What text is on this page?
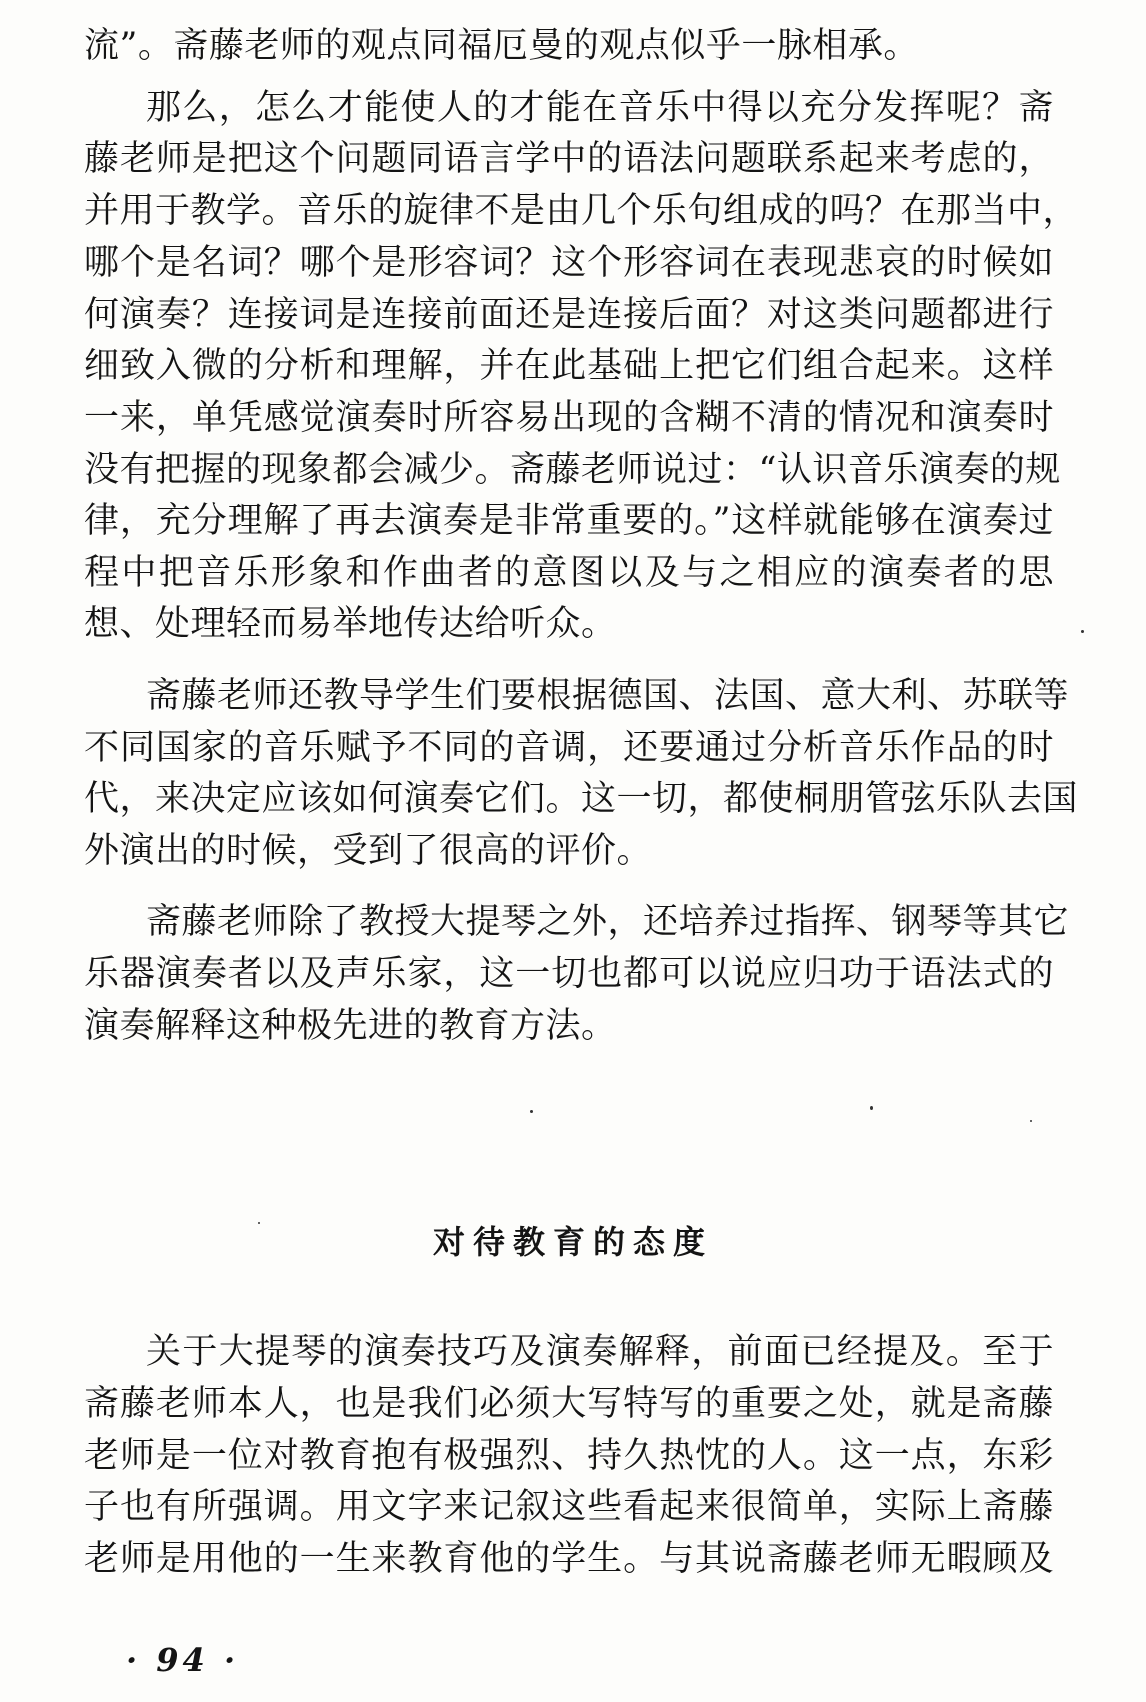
流”。斋藤老师的观点同福厄曼的观点似乎一脉相承。
那么，怎么才能使人的才能在音乐中得以充分发挥呢？斋
藤老师是把这个问题同语言学中的语法问题联系起来考虑的，
并用于教学。音乐的旋律不是由几个乐句组成的吗？在那当中，
哪个是名词？哪个是形容词？这个形容词在表现悲哀的时候如
何演奏？连接词是连接前面还是连接后面？对这类问题都进行
细致入微的分析和理解，并在此基础上把它们组合起来。这样
一来，单凭感觉演奏时所容易出现的含糊不清的情况和演奏时
没有把握的现象都会减少。斋藤老师说过：“认识音乐演奏的规
律，充分理解了再去演奏是非常重要的。”这样就能够在演奏过
程中把音乐形象和作曲者的意图以及与之相应的演奏者的思
想、处理轻而易举地传达给听众。
斋藤老师还教导学生们要根据德国、法国、意大利、苏联等
不同国家的音乐赋予不同的音调，还要通过分析音乐作品的时
代，来决定应该如何演奏它们。这一切，都使桐朋管弦乐队去国
外演出的时候，受到了很高的评价。
斋藤老师除了教授大提琴之外，还培养过指挥、钢琴等其它
乐器演奏者以及声乐家，这一切也都可以说应归功于语法式的
演奏解释这种极先进的教育方法。
对待教育的态度
关于大提琴的演奏技巧及演奏解释，前面已经提及。至于
斋藤老师本人，也是我们必须大写特写的重要之处，就是斋藤
老师是一位对教育抱有极强烈、持久热忱的人。这一点，东彩
子也有所强调。用文字来记叙这些看起来很简单，实际上斋藤
老师是用他的一生来教育他的学生。与其说斋藤老师无暇顾及
· 94 ·
